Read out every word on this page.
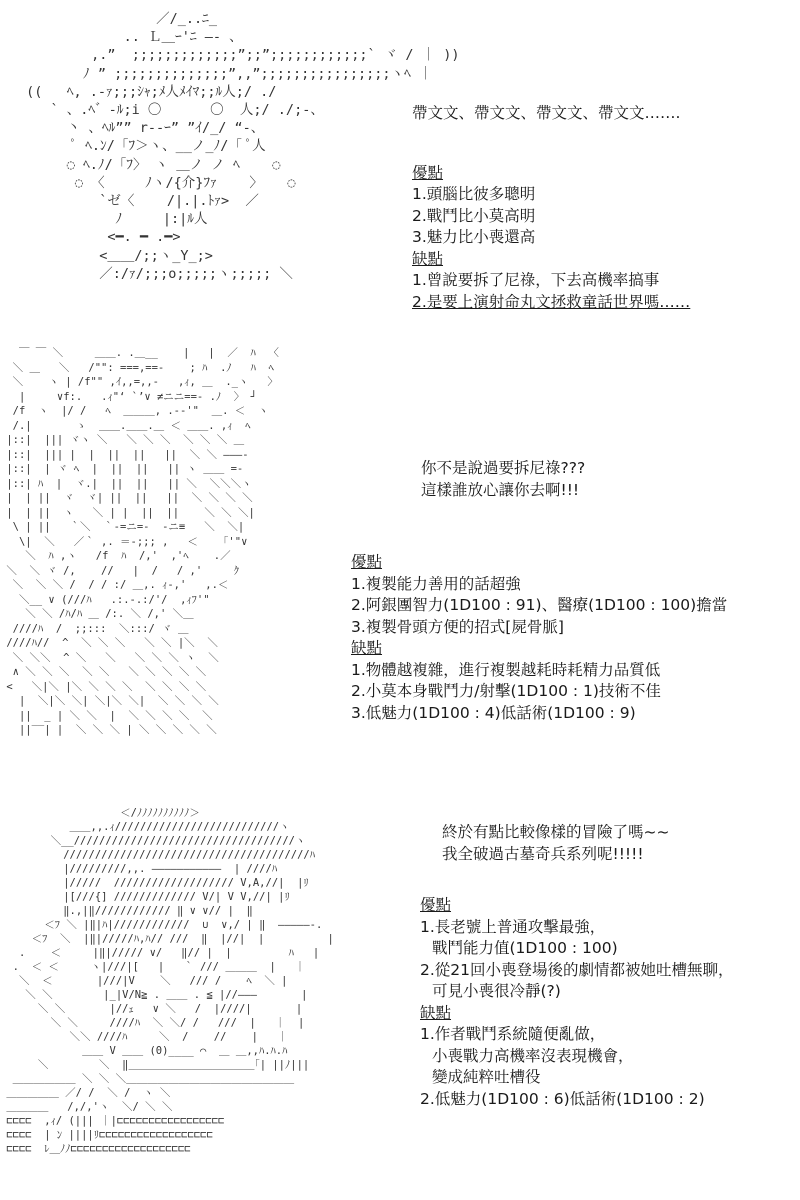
／/_..ﾆ_
.. Ｌ＿ｰ'ﾆ ―‐ 、
,.”  ;;;;;;;;;;;;;”;;”;;;;;;;;;;;;` ヾ / ｜ ))
ﾉ ” ;;;;;;;;;;;;;;”,,”;;;;;;;;;;;;;;;;ヽﾍ ｜
((   ﾍ, .-ｧ;;;ｼｬ;ﾒ人ﾒｲﾏ;;ﾙ人;/ ./
` 、.ﾍ゛-ﾙ;i 〇      〇  人;/ ./;-、
丶 、ﾍﾙ”” r--ｰ” ”ｲ/_/ “-、
ﾟ ﾍ.ﾝ/「ﾌ＞ヽ、__ノ_ﾉ/「 ﾟ人
◌ ﾍ.ﾉ/「ﾌ〉 ヽ ＿ノ ノ ﾍ    ◌
◌ 〈     ﾉヽ/{介}ﾌｧ    〉   ◌
`ゼ〈    /|.|.ﾄｧ>  ／
ﾉ     |:|ﾙ人
<━. ━ .━>
<＿＿/;;ヽ_Y_;>
／:/ｧ/;;;o;;;;;ヽ;;;;; ＼
帶文文、帶文文、帶文文、帶文文…….
優點
1.頭腦比彼多聰明
2.戰鬥比小莫高明
3.魅力比小喪還高
缺點
1.曾說要拆了尼祿，下去高機率搞事
2.是要上演射命丸文拯救童話世界嗎……
￣ ￣ ＼     ＿＿. .＿__    |   |  ／  ﾊ  〈
＼ ＿   ＼   /"": ===,==-    ; ﾊ  .ﾉ   ﾊ  ﾍ
＼    ヽ | /f"" ,ｲ,,=,,-   ,ｨ, ＿  ._ヽ   〉
|     ∨f:.   .ｨ"‘ `’∨ ≠ニニ==- .ﾉ  〉 ┘
/f  ヽ  |/ /   ﾍ  ＿＿＿, .-‐'"  ＿. ＜  ヽ
/.|       ゝ  ＿＿.＿＿.＿ ＜ ＿＿. ,ｨ  ﾍ
|::|  ||| ヾヽ ＼   ＼ ＼ ＼  ＼ ＼ ＼ ＿
|::|  ||| |  |  ||  ||   ||  ＼ ＼ ―――‐
|::|  | ヾ ﾍ  |  ||  ||   || ヽ ＿＿ =-
|::| ﾊ  |  ヾ.|  ||  ||   || ＼  ＼＼＼ヽ
|  | ||  ヾ  ヾ| ||  ||   ||  ＼ ＼ ＼ ＼
|  | ||  ヽ   ＼ | |  ||  ||    ＼ ＼ ＼|
\ | ||   ｀＼  ｀-=ニ=-  ‐ニ≡   ＼  ＼|
\|  ＼   ／｀ ,. ＝‐;;; ,   ＜    ｢'"∨
＼  ﾊ ,ヽ   /f  ﾊ  /,'  ,'ﾍ    .／
＼  ＼ ヾ /,    //   |  /   / ,'     ｸ
＼  ＼ ＼ /  / / :/ ＿,. ｨ-,'   ,.＜
＼__ ∨ (///ﾊ   .:.-.:/'/  ,ｨﾌ'"
＼ ＼ /ﾊ/ﾊ ＿ /:. ＼ /,' ＼＿
////ﾊ  /  ;;:::  ＼:::/ ヾ ＿
////ﾊ//  ^  ＼ ＼ ＼   ＼ ＼ |＼  ＼
＼ ＼＼  ^ ＼   ＼   ＼ ＼ ＼ ヽ  ＼
∧ ＼ ＼ ＼  ＼ ＼   ＼ ＼ ＼ ＼ ＼
<   ＼|＼ |＼ ＼ ＼ ＼  ＼ ＼ ＼ ＼
|  ＼|＼ ＼| ＼|＼ ＼|  ＼ ＼ ＼ ＼
||  _ | ＼ ＼  |  ＼ ＼ ＼ ＼  ＼
||‾‾| |  ＼ ＼ ＼ | ＼ ＼ ＼ ＼ ＼
你不是說過要拆尼祿???
這樣誰放心讓你去啊!!!
優點
1.複製能力善用的話超強
2.阿銀團智力(1D100 : 91)、醫療(1D100 : 100)擔當
3.複製骨頭方便的招式[屍骨脈]
缺點
1.物體越複雜，進行複製越耗時耗精力品質低
2.小莫本身戰鬥力/射擊(1D100 : 1)技術不佳
3.低魅力(1D100 : 4)低話術(1D100 : 9)
＜/ﾉﾉﾉﾉﾉﾉﾉﾉﾉﾉ＞
＿＿,,.ｨ//////////////////////////ヽ
＼__///////////////////////////////////ヽ
///////////////////////////////////////ﾊ
|/////////,,. ―――――――――――  | ////ﾊ
|/////  /////////////////// V,A,//|  |ﾘ
|[///{] ///////////// V/| V V,//| |ﾘ
‖.,|‖//////////// ‖ ∨ ∨// |  ‖
＜ﾌ ＼ |‖|ﾊ|////////////  ∪  ∨,/ | ‖  ―――――‐.
＜ﾌ  ＼  |‖|/////ﾊ,ﾊ// ///  ‖  |//|  |          |
.    ＜     |‖|///// ∨/   ‖// |  |         ﾊ   |
.  ＜ ＜     ヽ|///|[   |   ｀ /// ＿＿＿  |   ｜
＼  ＜       |///|V    ＼   /// /    ﾍ  ＼ |
＼ ＼        |_|V/N≧ . ＿＿ . ≦ |//―――       |
＼ ＼       |//ｪ   ∨ ＼   /  |////|       |
＼ ＼     ////ﾊ  ＼ ＼/ /   ///  |   ｜  |
＼＼ ////ﾊ     ＼  /    //    |   ｜
＿＿ V ＿＿ (0)____ ⌒  ＿ ＿,,ﾊ.ﾊ.ﾊ
＼        ＼  ‖＿＿＿＿＿＿＿＿＿＿＿＿｢| ||ﾉ|||
＿＿＿＿＿＿ ＼ ＼ ＼＿＿＿＿＿＿＿＿＿＿＿＿＿＿＿＿
＿＿＿＿＿ ／/ /  ＼ /  ヽ ＼
＿＿＿＿   /,/,'ヽ  ＼/ ＼ ＼
⊏⊏⊏⊏  ,ｨ/ (||| ｜|⊏⊏⊏⊏⊏⊏⊏⊏⊏⊏⊏⊏⊏⊏⊏⊏⊏
⊏⊏⊏⊏  | ﾝ ||||ﾘ⊏⊏⊏⊏⊏⊏⊏⊏⊏⊏⊏⊏⊏⊏⊏⊏⊏⊏
⊏⊏⊏⊏  ﾚ＿ﾉﾉ⊏⊏⊏⊏⊏⊏⊏⊏⊏⊏⊏⊏⊏⊏⊏⊏⊏⊏⊏
終於有點比較像樣的冒險了嗎~~
我全破過古墓奇兵系列呢!!!!!
優點
1.長老號上普通攻擊最強，
戰鬥能力值(1D100 : 100)
2.從21回小喪登場後的劇情都被她吐槽無聊，
可見小喪很冷靜(?)
缺點
1.作者戰鬥系統隨便亂做，
小喪戰力高機率沒表現機會，
變成純粹吐槽役
2.低魅力(1D100 : 6)低話術(1D100 : 2)
